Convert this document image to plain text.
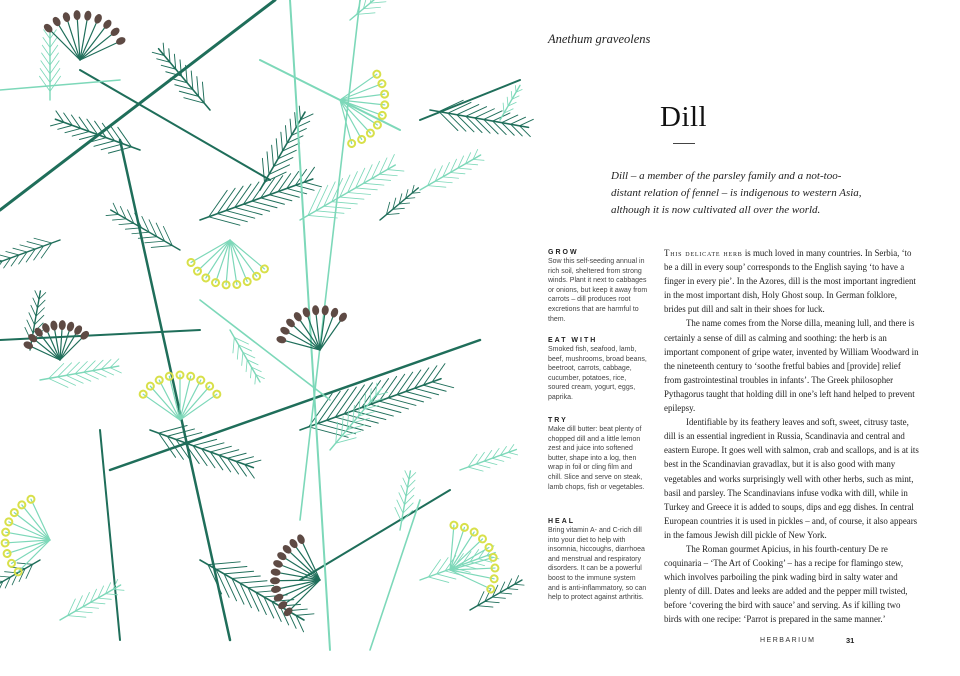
Anethum graveolens
Dill
Dill – a member of the parsley family and a not-too-distant relation of fennel – is indigenous to western Asia, although it is now cultivated all over the world.
GROW

Sow this self-seeding annual in rich soil, sheltered from strong winds. Plant it next to cabbages or onions, but keep it away from carrots – dill produces root excretions that are harmful to them.

EAT WITH

Smoked fish, seafood, lamb, beef, mushrooms, broad beans, beetroot, carrots, cabbage, cucumber, potatoes, rice, soured cream, yogurt, eggs, paprika.

TRY

Make dill butter: beat plenty of chopped dill and a little lemon zest and juice into softened butter, shape into a log, then wrap in foil or cling film and chill. Slice and serve on steak, lamb chops, fish or vegetables.

HEAL

Bring vitamin A- and C-rich dill into your diet to help with insomnia, hiccoughs, diarrhoea and menstrual and respiratory disorders. It can be a powerful boost to the immune system and is anti-inflammatory, so can help to protect against arthritis.

This delicate herb is much loved in many countries. In Serbia, ‘to be a dill in every soup’ corresponds to the English saying ‘to have a finger in every pie’. In the Azores, dill is the most important ingredient in the most important dish, Holy Ghost soup. In German folklore, brides put dill and salt in their shoes for luck.

The name comes from the Norse dilla, meaning lull, and there is certainly a sense of dill as calming and soothing: the herb is an important component of gripe water, invented by William Woodward in the nineteenth century to ‘soothe fretful babies and [provide] relief from gastrointestinal troubles in infants’. The Greek philosopher Pythagorus taught that holding dill in one’s left hand helped to prevent epilepsy.

Identifiable by its feathery leaves and soft, sweet, citrusy taste, dill is an essential ingredient in Russia, Scandinavia and central and eastern Europe. It goes well with salmon, crab and scallops, and is at its best in the Scandinavian gravadlax, but it is also good with many vegetables and works surprisingly well with other herbs, such as mint, basil and parsley. The Scandinavians infuse vodka with dill, while in Turkey and Greece it is added to soups, dips and egg dishes. In central European countries it is used in pickles – and, of course, it also appears in the famous Jewish dill pickle of New York.

The Roman gourmet Apicius, in his fourth-century De re coquinaria – ‘The Art of Cooking’ – has a recipe for flamingo stew, which involves parboiling the pink wading bird in salty water and plenty of dill. Dates and leeks are added and the pepper mill twisted, before ‘covering the bird with sauce’ and serving. As if killing two birds with one recipe: ‘Parrot is prepared in the same manner.’

HERBARIUM	31
